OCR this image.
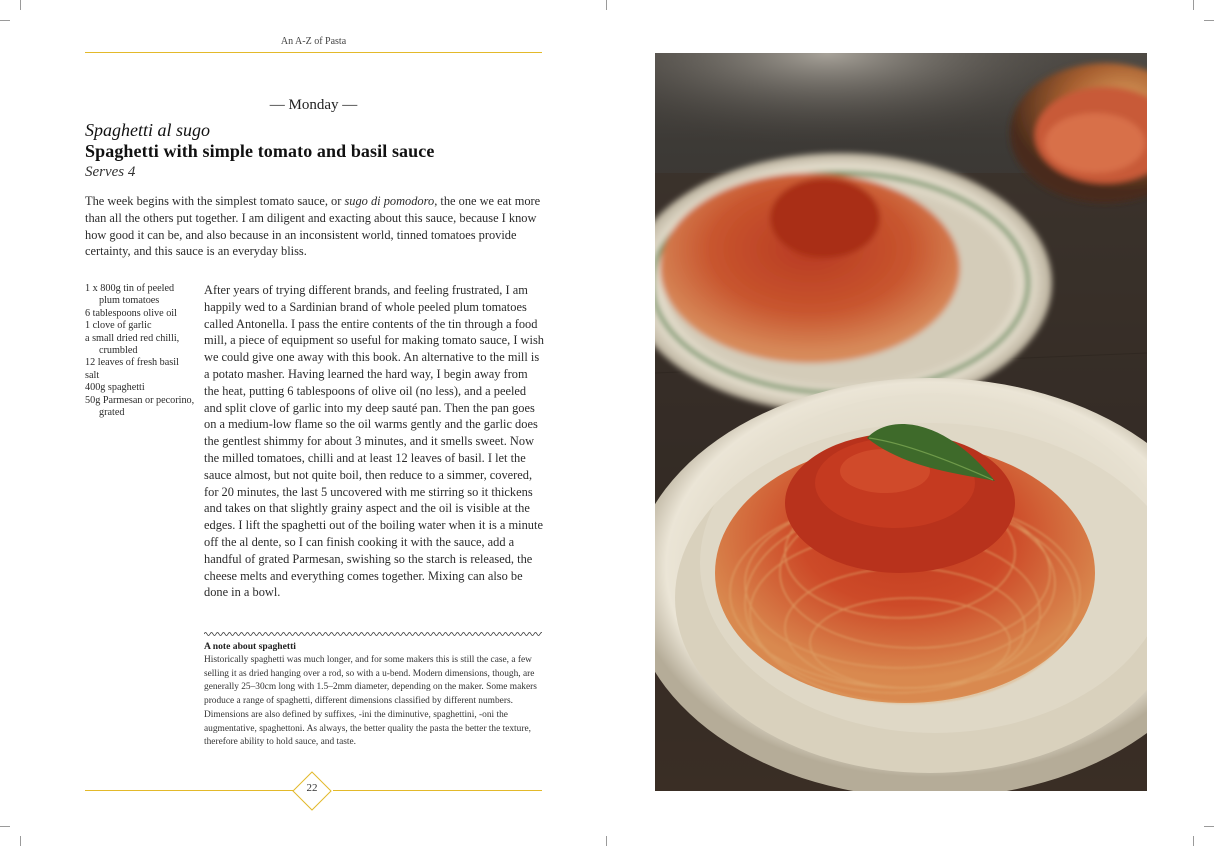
An A-Z of Pasta
— Monday —
Spaghetti al sugo
Spaghetti with simple tomato and basil sauce
Serves 4
The week begins with the simplest tomato sauce, or sugo di pomodoro, the one we eat more than all the others put together. I am diligent and exacting about this sauce, because I know how good it can be, and also because in an inconsistent world, tinned tomatoes provide certainty, and this sauce is an everyday bliss.
1 x 800g tin of peeled plum tomatoes
6 tablespoons olive oil
1 clove of garlic
a small dried red chilli, crumbled
12 leaves of fresh basil
salt
400g spaghetti
50g Parmesan or pecorino, grated
After years of trying different brands, and feeling frustrated, I am happily wed to a Sardinian brand of whole peeled plum tomatoes called Antonella. I pass the entire contents of the tin through a food mill, a piece of equipment so useful for making tomato sauce, I wish we could give one away with this book. An alternative to the mill is a potato masher. Having learned the hard way, I begin away from the heat, putting 6 tablespoons of olive oil (no less), and a peeled and split clove of garlic into my deep sauté pan. Then the pan goes on a medium-low flame so the oil warms gently and the garlic does the gentlest shimmy for about 3 minutes, and it smells sweet. Now the milled tomatoes, chilli and at least 12 leaves of basil. I let the sauce almost, but not quite boil, then reduce to a simmer, covered, for 20 minutes, the last 5 uncovered with me stirring so it thickens and takes on that slightly grainy aspect and the oil is visible at the edges. I lift the spaghetti out of the boiling water when it is a minute off the al dente, so I can finish cooking it with the sauce, add a handful of grated Parmesan, swishing so the starch is released, the cheese melts and everything comes together. Mixing can also be done in a bowl.
A note about spaghetti
Historically spaghetti was much longer, and for some makers this is still the case, a few selling it as dried hanging over a rod, so with a u-bend. Modern dimensions, though, are generally 25–30cm long with 1.5–2mm diameter, depending on the maker. Some makers produce a range of spaghetti, different dimensions classified by different numbers. Dimensions are also defined by suffixes, -ini the diminutive, spaghettini, -oni the augmentative, spaghettoni. As always, the better quality the pasta the better the texture, therefore ability to hold sauce, and taste.
22
